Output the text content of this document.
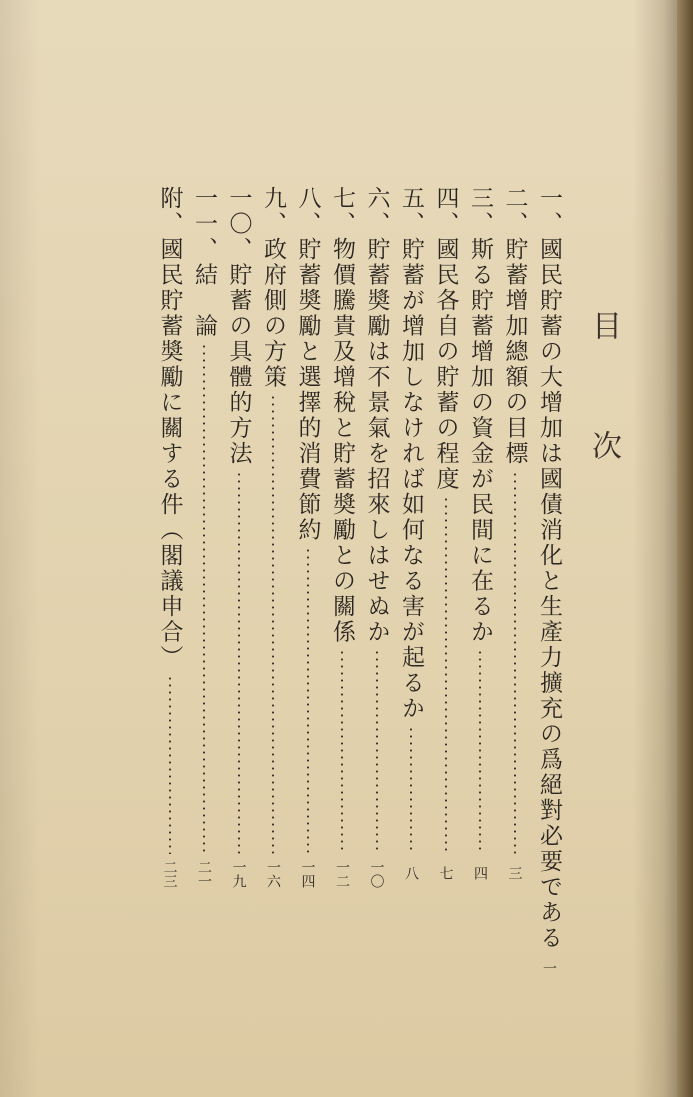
目次
一、國民貯蓄の大增加は國債消化と生產力擴充の爲絕對必要である
一
二、貯蓄增加總額の目標
三
三、斯る貯蓄增加の資金が民間に在るか
四
四、國民各自の貯蓄の程度
七
五、貯蓄が增加しなければ如何なる害が起るか
八
六、貯蓄奬勵は不景氣を招來しはせぬか
一〇
七、物價騰貴及增稅と貯蓄奬勵との關係
一二
八、貯蓄奬勵と選擇的消費節約
一四
九、政府側の方策
一六
一〇、貯蓄の具體的方法
一九
一一、結　論
二一
附、國民貯蓄奬勵に關する件（閣議申合）
二三
